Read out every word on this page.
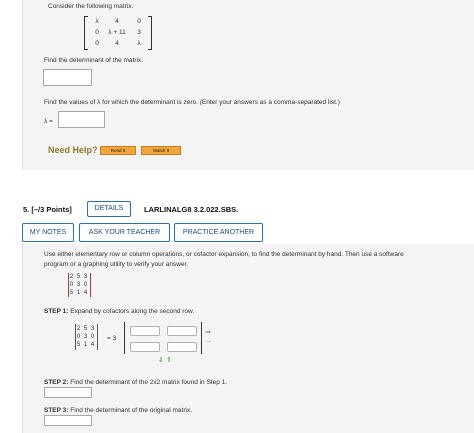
Consider the following matrix.
λ	4	0
0	λ + 11	3
0	4	λ
Find the determinant of the matrix.
Find the values of λ for which the determinant is zero. (Enter your answers as a comma-separated list.)
λ =
Need Help?	Read It	Watch It
5. [–/3 Points]	DETAILS	LARLINALG8 3.2.022.SBS.
MY NOTES	ASK YOUR TEACHER	PRACTICE ANOTHER
Use either elementary row or column operations, or cofactor expansion, to find the determinant by hand. Then use a software
program or a graphing utility to verify your answer.
2 5 3
0 3 0
5 1 4
STEP 1: Expand by cofactors along the second row.
2 5 3
0 3 0
5 1 4
= 3
⇒
→
⇓ ⇑
STEP 2: Find the determinant of the 2x2 matrix found in Step 1.
STEP 3: Find the determinant of the original matrix.
